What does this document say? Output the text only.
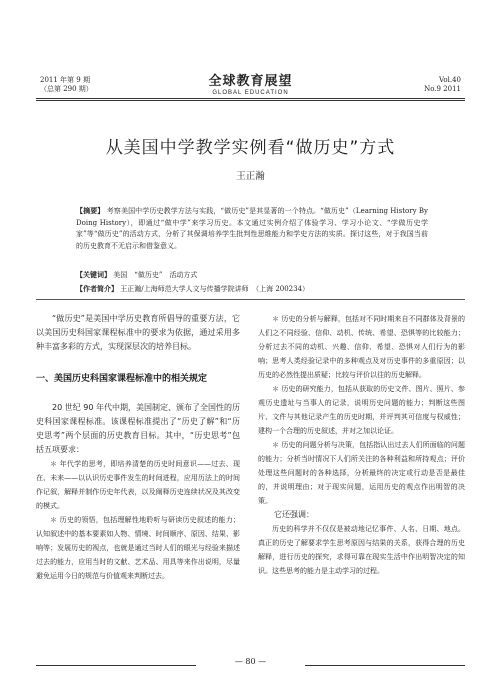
2011 年第 9 期
（总第 290 期）	全球教育展望
GLOBAL EDUCATION
Vol.40
No.9 2011
从美国中学教学实例看“做历史”方式
王正瀚
【摘要】 考察美国中学历史教学方法与实践，“做历史”是其显著的一个特点。“做历史”（Learning History By Doing History），即通过“做中学”来学习历史。本文通过实例介绍了体验学习、学习小论文、“学做历史学家”等“做历史”的活动方式，分析了其保调培养学生批判性思维能力和学史方法的实质。探讨这些，对于我国当前的历史教育不无启示和借鉴意义。
【关键词】 美国　“做历史”　活动方式
【作者简介】 王正瀚/上海师范大学人文与传播学院讲师　（上海 200234）

“做历史”是美国中学历史教育所倡导的重要方法，它以美国历史科国家课程标准中的要求为依据，通过采用多种丰富多彩的方式，实现深层次的培养目标。

一、美国历史科国家课程标准中的相关规定

20 世纪 90 年代中期，美国制定、颁布了全国性的历史科国家课程标准。该课程标准提出了“历史了解”和“历史思考”两个层面的历史教育目标。其中，“历史思考”包括五项要求：

＊ 年代学的思考，即培养清楚的历史时间意识——过去、现在、未来——以认识历史事件发生的时间进程，应用历法上的时间作记叙，解释并制作历史年代表，以及阐释历史连续状况及其改变的模式。

＊ 历史的领悟，包括理解性地聆听与研读历史叙述的能力；认知叙述中的基本要素如人物、情境、时间顺序、原因、结果、影响等；发展历史的视点，也就是通过当时人们的眼光与经验来描述过去的能力，应用当时的文献、艺术品、用具等来作出说明，尽量避免运用今日的规范与价值观来判断过去。

＊ 历史的分析与解释，包括对不同时期来自不同群体及背景的人们之不同经验、信仰、动机、传统、希望、恐惧等的比较能力；分析过去不同的动机、兴趣、信仰、希望、恐惧对人们行为的影响；思考人类经验记录中的多种观点及对历史事件的多重原因；以历史的必然性提出质疑；比较与评价以往的历史解释。

＊ 历史的研究能力，包括从获取的历史文件、图片、照片、参观历史遗址与当事人的记录，说明历史问题的能力；判断这些图片、文件与其他记录产生的历史时期，并评判其可信度与权威性；建构一个合理的历史叙述，并对之加以论证。

＊ 历史的问题分析与决策，包括指认出过去人们所面临的问题的能力；分析当时情况下人们所关注的各种利益和所持观点；评价处理这些问题时的各种选择，分析最终的决定或行动是否是最佳的，并说明理由；对于现实问题，运用历史的观点作出明智的决策。

它还强调：

历史的科学并不仅仅是被动地记忆事件、人名、日期、地点。真正的历史了解要求学生思考原因与结果的关系，获得合理的历史解释，进行历史的探究，求得可靠在现实生活中作出明智决定的知识。这些思考的能力是主动学习的过程。

— 80 —
